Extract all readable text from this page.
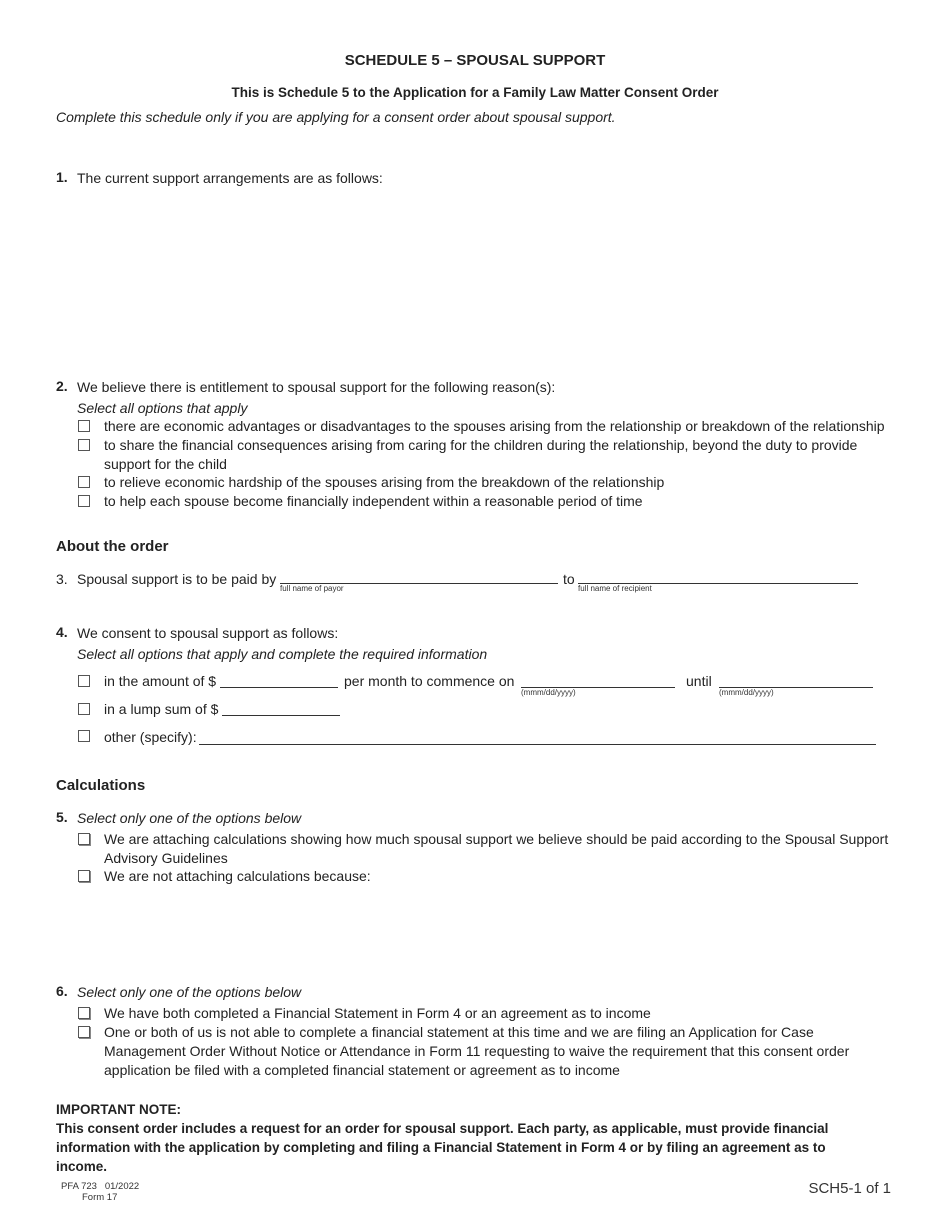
SCHEDULE 5 – SPOUSAL SUPPORT
This is Schedule 5 to the Application for a Family Law Matter Consent Order
Complete this schedule only if you are applying for a consent order about spousal support.
1. The current support arrangements are as follows:
2. We believe there is entitlement to spousal support for the following reason(s):
Select all options that apply
there are economic advantages or disadvantages to the spouses arising from the relationship or breakdown of the relationship
to share the financial consequences arising from caring for the children during the relationship, beyond the duty to provide
support for the child
to relieve economic hardship of the spouses arising from the breakdown of the relationship
to help each spouse become financially independent within a reasonable period of time
About the order
3. Spousal support is to be paid by
full name of payor
to
full name of recipient
4. We consent to spousal support as follows:
Select all options that apply and complete the required information
in the amount of $	per month to commence on
(mmm/dd/yyyy)
until
(mmm/dd/yyyy)
in a lump sum of $
other (specify):
Calculations
5. Select only one of the options below
We are attaching calculations showing how much spousal support we believe should be paid according to the Spousal Support
Advisory Guidelines
We are not attaching calculations because:
6. Select only one of the options below
We have both completed a Financial Statement in Form 4 or an agreement as to income
One or both of us is not able to complete a financial statement at this time and we are filing an Application for Case
Management Order Without Notice or Attendance in Form 11 requesting to waive the requirement that this consent order
application be filed with a completed financial statement or agreement as to income
IMPORTANT NOTE:
This consent order includes a request for an order for spousal support. Each party, as applicable, must provide financial
information with the application by completing and filing a Financial Statement in Form 4 or by filing an agreement as to
income.
PFA 723   01/2022
Form 17
SCH5-1 of 1
